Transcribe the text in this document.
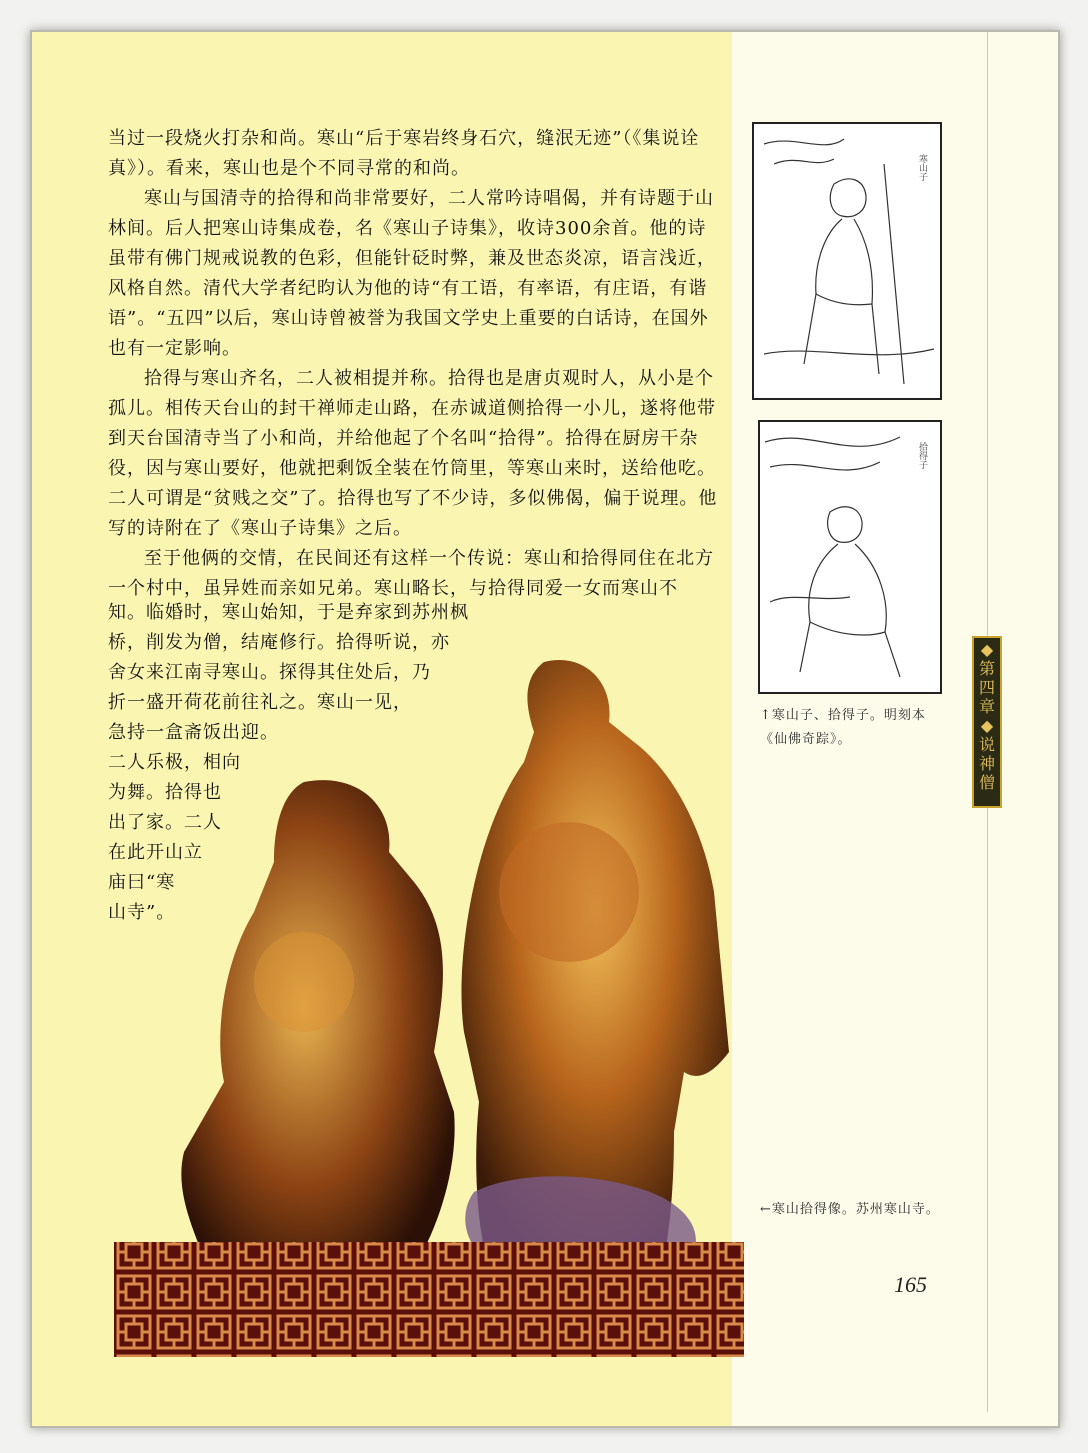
当过一段烧火打杂和尚。寒山“后于寒岩终身石穴，缝泯无迹”（《集说诠真》）。看来，寒山也是个不同寻常的和尚。

寒山与国清寺的拾得和尚非常要好，二人常吟诗唱偈，并有诗题于山林间。后人把寒山诗集成卷，名《寒山子诗集》，收诗300余首。他的诗虽带有佛门规戒说教的色彩，但能针砭时弊，兼及世态炎凉，语言浅近，风格自然。清代大学者纪昀认为他的诗“有工语，有率语，有庄语，有谐语”。“五四”以后，寒山诗曾被誉为我国文学史上重要的白话诗，在国外也有一定影响。

拾得与寒山齐名，二人被相提并称。拾得也是唐贞观时人，从小是个孤儿。相传天台山的封干禅师走山路，在赤诚道侧拾得一小儿，遂将他带到天台国清寺当了小和尚，并给他起了个名叫“拾得”。拾得在厨房干杂役，因与寒山要好，他就把剩饭全装在竹筒里，等寒山来时，送给他吃。二人可谓是“贫贱之交”了。拾得也写了不少诗，多似佛偈，偏于说理。他写的诗附在了《寒山子诗集》之后。

至于他俩的交情，在民间还有这样一个传说：寒山和拾得同住在北方一个村中，虽异姓而亲如兄弟。寒山略长，与拾得同爱一女而寒山不

知。临婚时，寒山始知，于是弃家到苏州枫
桥，削发为僧，结庵修行。拾得听说，亦
舍女来江南寻寒山。探得其住处后，乃
折一盛开荷花前往礼之。寒山一见，
急持一盒斋饭出迎。
二人乐极，相向
为舞。拾得也
出了家。二人
在此开山立
庙曰“寒
山寺”。
寒山子
拾得子
↑寒山子、拾得子。明刻本《仙佛奇踪》。
←寒山拾得像。苏州寒山寺。
◆
第
四
章
◆
说
神
僧
165
